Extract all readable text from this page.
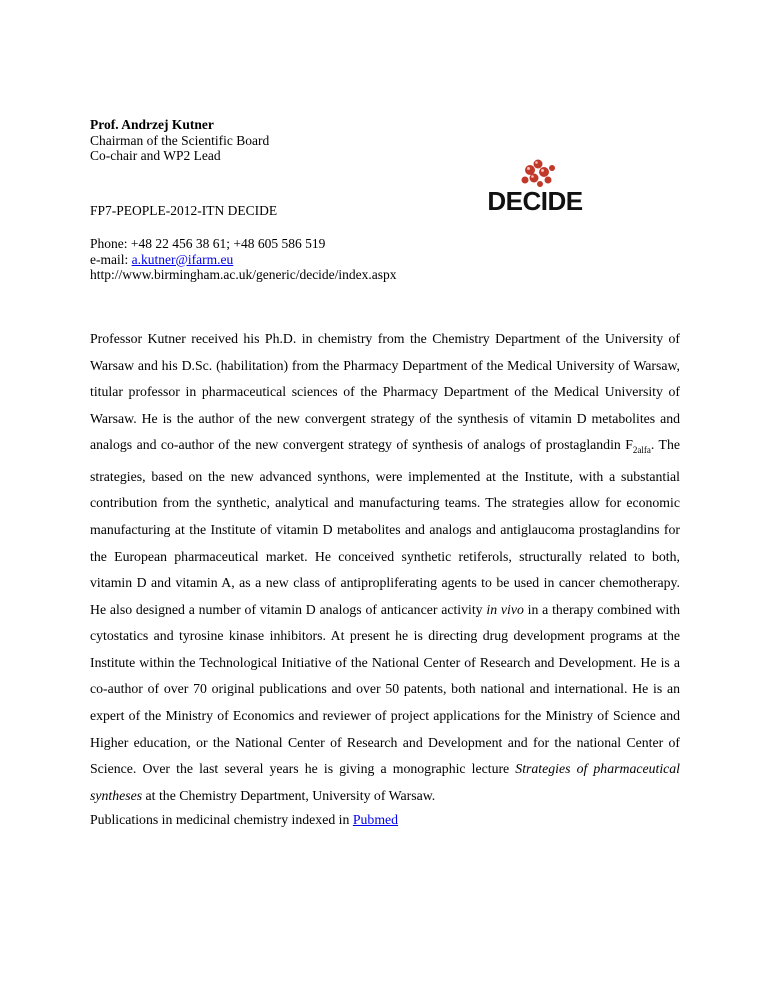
Prof. Andrzej Kutner
Chairman of the Scientific Board
Co-chair and WP2 Lead
DECIDE
FP7-PEOPLE-2012-ITN DECIDE
Phone: +48 22 456 38 61; +48 605 586 519
e-mail: a.kutner@ifarm.eu
http://www.birmingham.ac.uk/generic/decide/index.aspx
Professor Kutner received his Ph.D. in chemistry from the Chemistry Department of the University of Warsaw and his D.Sc. (habilitation) from the Pharmacy Department of the Medical University of Warsaw, titular professor in pharmaceutical sciences of the Pharmacy Department of the Medical University of Warsaw. He is the author of the new convergent strategy of the synthesis of vitamin D metabolites and analogs and co-author of the new convergent strategy of synthesis of analogs of prostaglandin $F_{2alfa}$. The strategies, based on the new advanced synthons, were implemented at the Institute, with a substantial contribution from the synthetic, analytical and manufacturing teams. The strategies allow for economic manufacturing at the Institute of vitamin D metabolites and analogs and antiglaucoma prostaglandins for the European pharmaceutical market. He conceived synthetic retiferols, structurally related to both, vitamin D and vitamin A, as a new class of antipropliferating agents to be used in cancer chemotherapy. He also designed a number of vitamin D analogs of anticancer activity in vivo in a therapy combined with cytostatics and tyrosine kinase inhibitors. At present he is directing drug development programs at the Institute within the Technological Initiative of the National Center of Research and Development. He is a co-author of over 70 original publications and over 50 patents, both national and international. He is an expert of the Ministry of Economics and reviewer of project applications for the Ministry of Science and Higher education, or the National Center of Research and Development and for the national Center of Science. Over the last several years he is giving a monographic lecture Strategies of pharmaceutical syntheses at the Chemistry Department, University of Warsaw.
Publications in medicinal chemistry indexed in Pubmed
